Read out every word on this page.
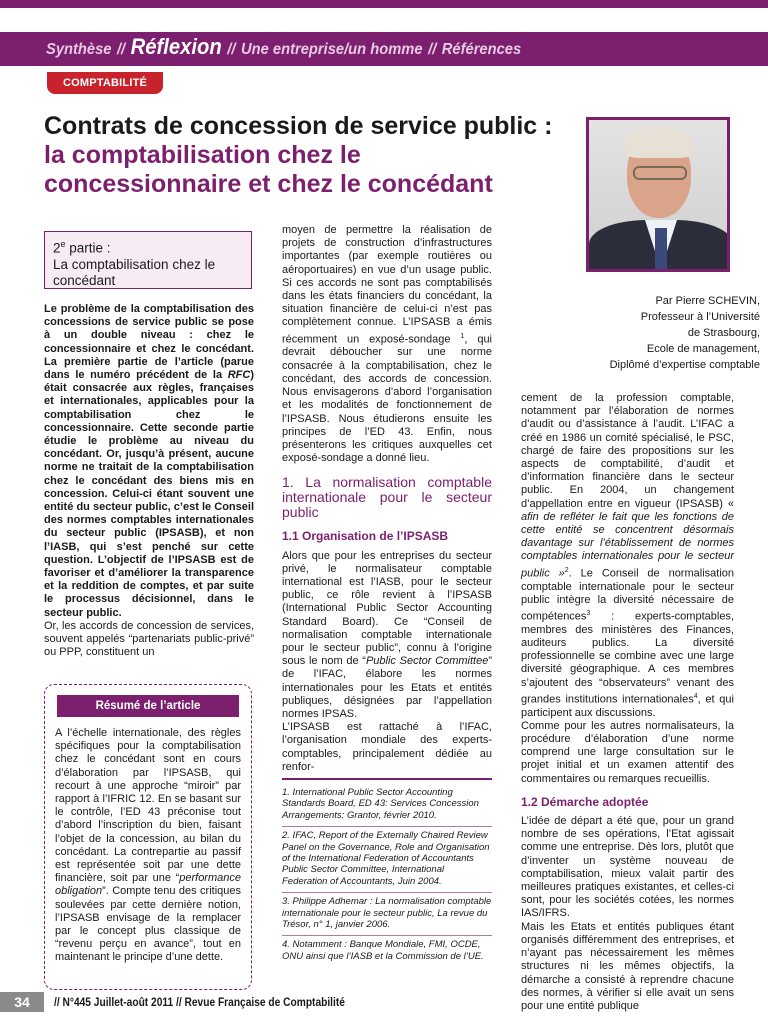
Synthèse // Réflexion // Une entreprise/un homme // Références
COMPTABILITÉ
Contrats de concession de service public : la comptabilisation chez le concessionnaire et chez le concédant
Par Pierre SCHEVIN,
Professeur à l’Université
de Strasbourg,
Ecole de management,
Diplômé d’expertise comptable
2e partie :
La comptabilisation chez le concédant

Le problème de la comptabilisation des concessions de service public se pose à un double niveau : chez le concessionnaire et chez le concédant. La première partie de l’article (parue dans le numéro précédent de la RFC) était consacrée aux règles, françaises et internationales, applicables pour la comptabilisation chez le concessionnaire. Cette seconde partie étudie le problème au niveau du concédant. Or, jusqu’à présent, aucune norme ne traitait de la comptabilisation chez le concédant des biens mis en concession. Celui-ci étant souvent une entité du secteur public, c’est le Conseil des normes comptables internationales du secteur public (IPSASB), et non l’IASB, qui s’est penché sur cette question. L’objectif de l’IPSASB est de favoriser et d’améliorer la transparence et la reddition de comptes, et par suite le processus décisionnel, dans le secteur public.

Or, les accords de concession de services, souvent appelés “partenariats public-privé” ou PPP, constituent un

Résumé de l’article
A l’échelle internationale, des règles spécifiques pour la comptabilisation chez le concédant sont en cours d’élaboration par l’IPSASB, qui recourt à une approche “miroir” par rapport à l’IFRIC 12. En se basant sur le contrôle, l’ED 43 préconise tout d’abord l’inscription du bien, faisant l’objet de la concession, au bilan du concédant. La contrepartie au passif est représentée soit par une dette financière, soit par une “performance obligation”. Compte tenu des critiques soulevées par cette dernière notion, l’IPSASB envisage de la remplacer par le concept plus classique de “revenu perçu en avance”, tout en maintenant le principe d’une dette.

moyen de permettre la réalisation de projets de construction d’infrastructures importantes (par exemple routières ou aéroportuaires) en vue d’un usage public. Si ces accords ne sont pas comptabilisés dans les états financiers du concédant, la situation financière de celui-ci n’est pas complètement connue. L’IPSASB a émis récemment un exposé-sondage $^1$, qui devrait déboucher sur une norme consacrée à la comptabilisation, chez le concédant, des accords de concession. Nous envisagerons d’abord l’organisation et les modalités de fonctionnement de l’IPSASB. Nous étudierons ensuite les principes de l’ED 43. Enfin, nous présenterons les critiques auxquelles cet exposé-sondage a donné lieu.

1. La normalisation comptable internationale pour le secteur public
1.1 Organisation de l’IPSASB

Alors que pour les entreprises du secteur privé, le normalisateur comptable international est l’IASB, pour le secteur public, ce rôle revient à l’IPSASB (International Public Sector Accounting Standard Board). Ce “Conseil de normalisation comptable internationale pour le secteur public”, connu à l’origine sous le nom de “Public Sector Committee” de l’IFAC, élabore les normes internationales pour les Etats et entités publiques, désignées par l’appellation normes IPSAS.

L’IPSASB est rattaché à l’IFAC, l’organisation mondiale des experts-comptables, principalement dédiée au renfor-

1. International Public Sector Accounting Standards Board, ED 43: Services Concession Arrangements: Grantor, février 2010.
2. IFAC, Report of the Externally Chaired Review Panel on the Governance, Role and Organisation of the International Federation of Accountants Public Sector Committee, International Federation of Accountants, Juin 2004.
3. Philippe Adhemar : La normalisation comptable internationale pour le secteur public, La revue du Trésor, n° 1, janvier 2006.
4. Notamment : Banque Mondiale, FMI, OCDE, ONU ainsi que l’IASB et la Commission de l’UE.

cement de la profession comptable, notamment par l’élaboration de normes d’audit ou d’assistance à l’audit. L’IFAC a créé en 1986 un comité spécialisé, le PSC, chargé de faire des propositions sur les aspects de comptabilité, d’audit et d’information financière dans le secteur public. En 2004, un changement d’appellation entre en vigueur (IPSASB) « afin de refléter le fait que les fonctions de cette entité se concentrent désormais davantage sur l’établissement de normes comptables internationales pour le secteur public »$^2$. Le Conseil de normalisation comptable internationale pour le secteur public intègre la diversité nécessaire de compétences$^3$ : experts-comptables, membres des ministères des Finances, auditeurs publics. La diversité professionnelle se combine avec une large diversité géographique. A ces membres s’ajoutent des “observateurs” venant des grandes institutions internationales$^4$, et qui participent aux discussions.

Comme pour les autres normalisateurs, la procédure d’élaboration d’une norme comprend une large consultation sur le projet initial et un examen attentif des commentaires ou remarques recueillis.

1.2 Démarche adoptée

L’idée de départ a été que, pour un grand nombre de ses opérations, l’Etat agissait comme une entreprise. Dès lors, plutôt que d’inventer un système nouveau de comptabilisation, mieux valait partir des meilleures pratiques existantes, et celles-ci sont, pour les sociétés cotées, les normes IAS/IFRS.

Mais les Etats et entités publiques étant organisés différemment des entreprises, et n’ayant pas nécessairement les mêmes structures ni les mêmes objectifs, la démarche a consisté à reprendre chacune des normes, à vérifier si elle avait un sens pour une entité publique

34	// N°445 Juillet-août 2011 // Revue Française de Comptabilité
